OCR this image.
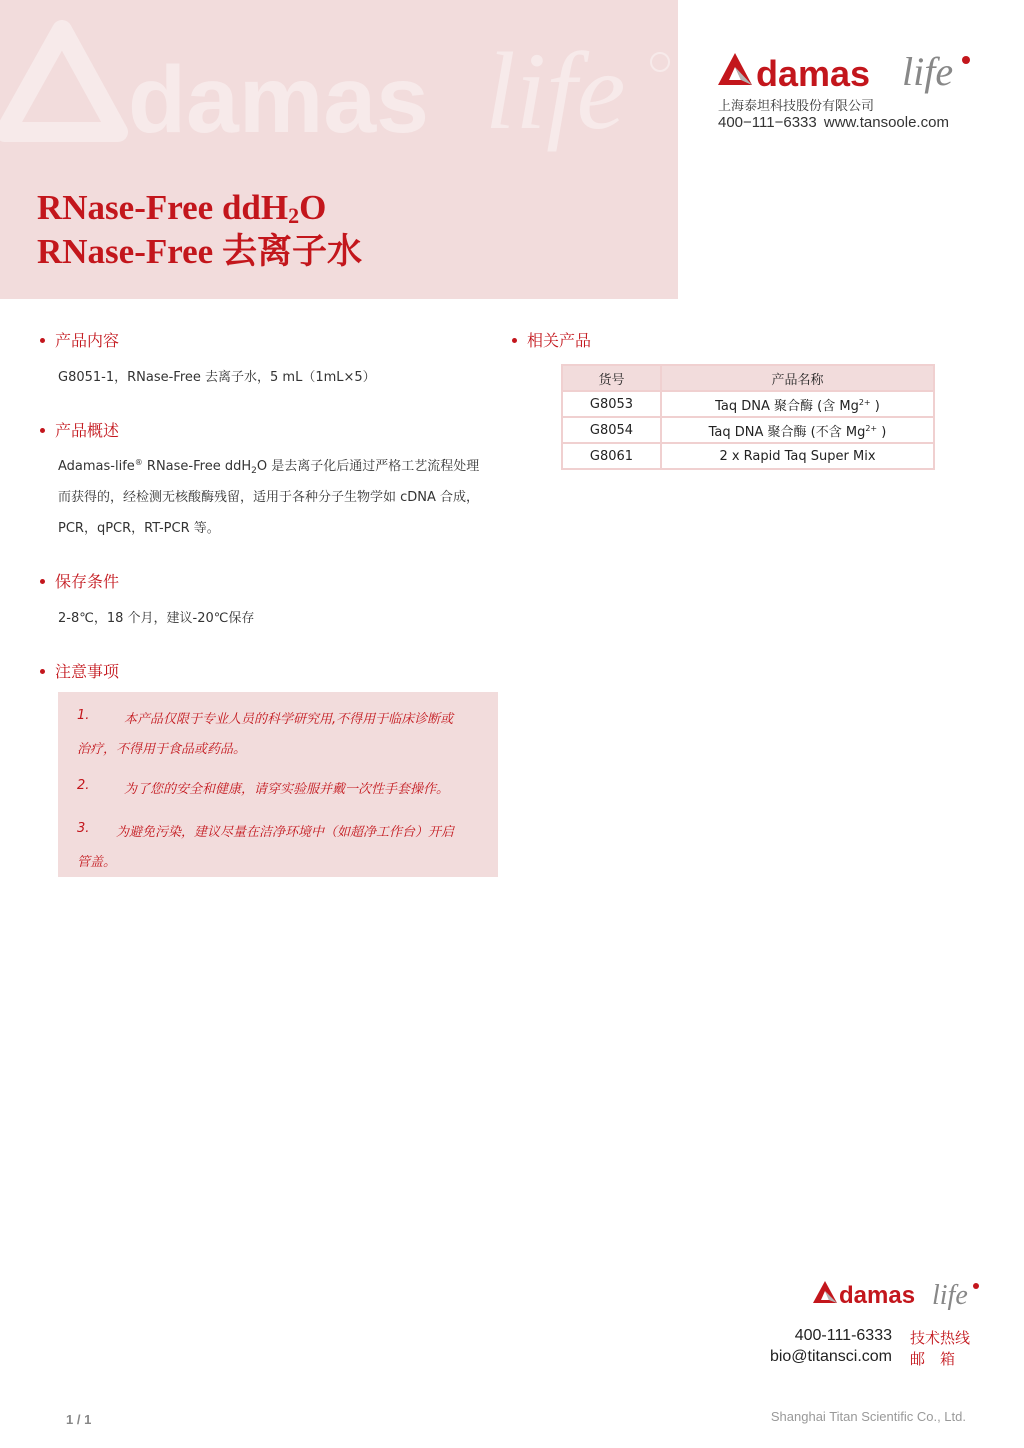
damas life
RNase-Free ddH$_2$O
RNase-Free 去离子水
damas life
上海泰坦科技股份有限公司
400−111−6333 www.tansoole.com
产品内容
G8051-1，RNase-Free 去离子水，5 mL（1mL×5）
产品概述
Adamas-life® RNase-Free ddH$_2$O 是去离子化后通过严格工艺流程处理
而获得的，经检测无核酸酶残留，适用于各种分子生物学如 cDNA 合成，
PCR，qPCR，RT-PCR 等。
保存条件
2-8℃，18 个月，建议-20℃保存
注意事项
1.	本产品仅限于专业人员的科学研究用,不得用于临床诊断或
治疗，不得用于食品或药品。
2.	为了您的安全和健康，请穿实验服并戴一次性手套操作。
3. 为避免污染，建议尽量在洁净环境中（如超净工作台）开启
管盖。
相关产品
货号	产品名称
G8053	Taq DNA 聚合酶 (含 $Mg^{2+}$ )
G8054	Taq DNA 聚合酶 (不含 $Mg^{2+}$ )
G8061	2 x Rapid Taq Super Mix
damas life
400-111-6333 技术热线
bio@titansci.com 邮　箱
1 / 1	Shanghai Titan Scientific Co., Ltd.
